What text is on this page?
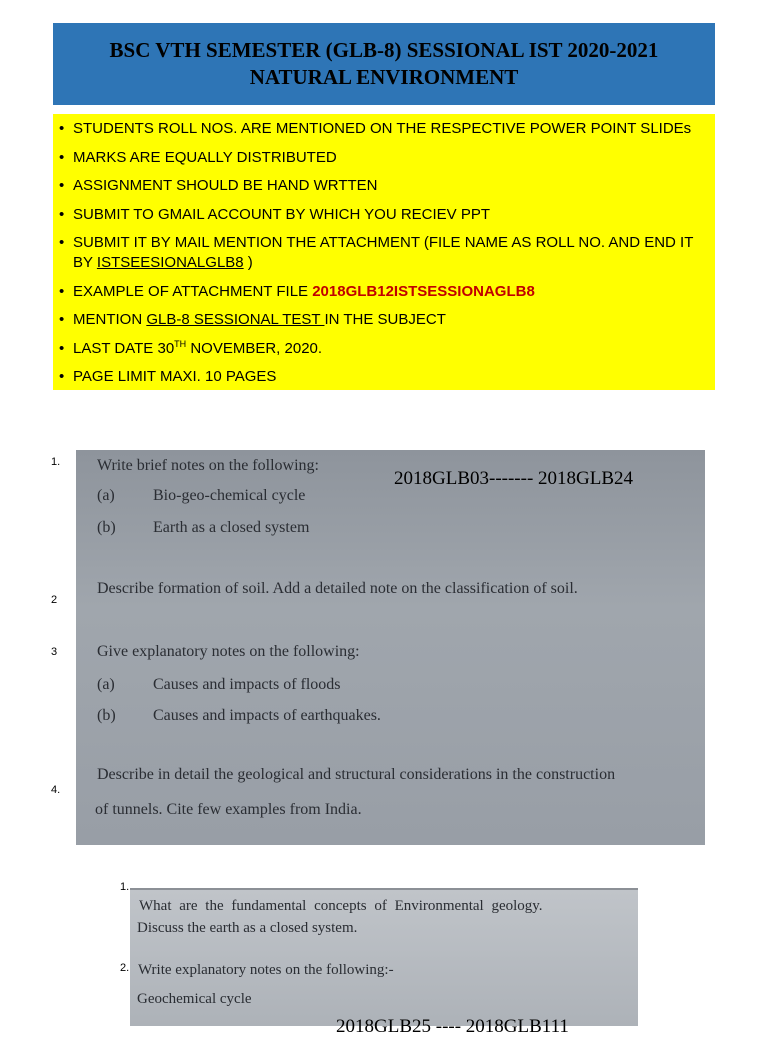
BSC VTH SEMESTER (GLB-8) SESSIONAL IST 2020-2021
NATURAL ENVIRONMENT
• STUDENTS ROLL NOS. ARE MENTIONED ON THE RESPECTIVE POWER POINT SLIDEs
• MARKS ARE EQUALLY DISTRIBUTED
• ASSIGNMENT SHOULD BE HAND WRTTEN
• SUBMIT TO GMAIL ACCOUNT BY WHICH YOU RECIEV PPT
• SUBMIT IT BY MAIL MENTION THE ATTACHMENT (FILE NAME AS ROLL NO. AND END IT BY ISTSEESIONALGLB8 )
• EXAMPLE OF ATTACHMENT FILE 2018GLB12ISTSESSIONAGLB8
• MENTION GLB-8 SESSIONAL TEST IN THE SUBJECT
• LAST DATE 30TH NOVEMBER, 2020.
• PAGE LIMIT MAXI. 10 PAGES
1.
2
3
4.
Write brief notes on the following:
(a) Bio-geo-chemical cycle
(b) Earth as a closed system
2018GLB03------- 2018GLB24
Describe formation of soil. Add a detailed note on the classification of soil.
Give explanatory notes on the following:
(a) Causes and impacts of floods
(b) Causes and impacts of earthquakes.
Describe in detail the geological and structural considerations in the construction
of tunnels. Cite few examples from India.
1.
2.
What are the fundamental concepts of Environmental geology.
Discuss the earth as a closed system.
Write explanatory notes on the following:-
Geochemical cycle
2018GLB25 ---- 2018GLB111
